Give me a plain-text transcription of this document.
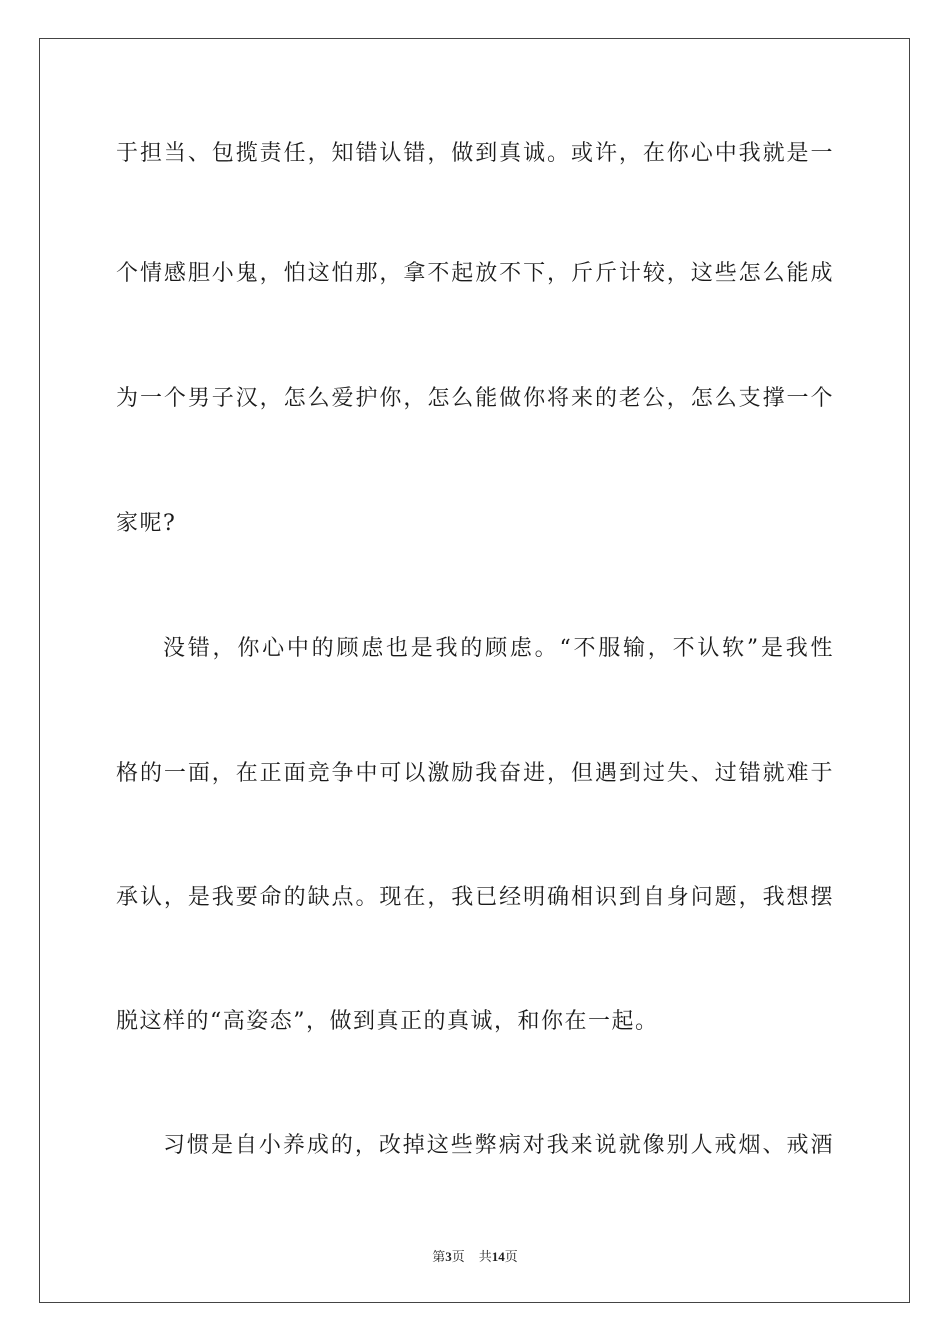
于担当、包揽责任，知错认错，做到真诚。或许，在你心中我就是一
个情感胆小鬼，怕这怕那，拿不起放不下，斤斤计较，这些怎么能成
为一个男子汉，怎么爱护你，怎么能做你将来的老公，怎么支撑一个
家呢?
没错，你心中的顾虑也是我的顾虑。“不服输，不认软”是我性
格的一面，在正面竞争中可以激励我奋进，但遇到过失、过错就难于
承认，是我要命的缺点。现在，我已经明确相识到自身问题，我想摆
脱这样的“高姿态”，做到真正的真诚，和你在一起。
习惯是自小养成的，改掉这些弊病对我来说就像别人戒烟、戒酒
第3页 共14页
